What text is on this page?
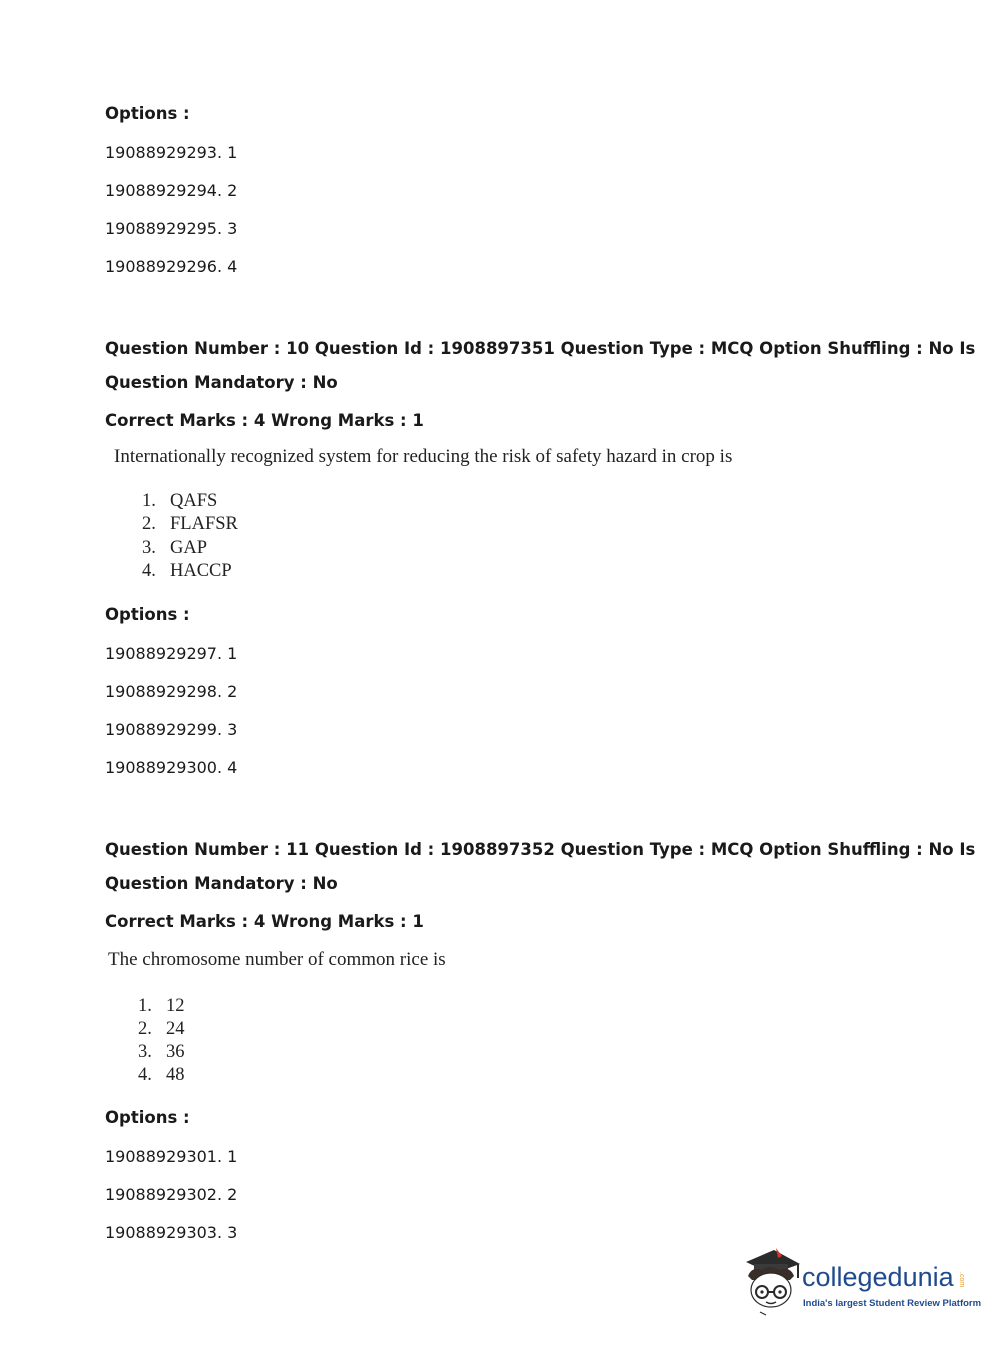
Options :
19088929293. 1
19088929294. 2
19088929295. 3
19088929296. 4
Question Number : 10 Question Id : 1908897351 Question Type : MCQ Option Shuffling : No Is
Question Mandatory : No
Correct Marks : 4 Wrong Marks : 1
Internationally recognized system for reducing the risk of safety hazard in crop is
1. QAFS
2. FLAFSR
3. GAP
4. HACCP
Options :
19088929297. 1
19088929298. 2
19088929299. 3
19088929300. 4
Question Number : 11 Question Id : 1908897352 Question Type : MCQ Option Shuffling : No Is
Question Mandatory : No
Correct Marks : 4 Wrong Marks : 1
The chromosome number of common rice is
1. 12
2. 24
3. 36
4. 48
Options :
19088929301. 1
19088929302. 2
19088929303. 3
collegedunia .com
India's largest Student Review Platform
